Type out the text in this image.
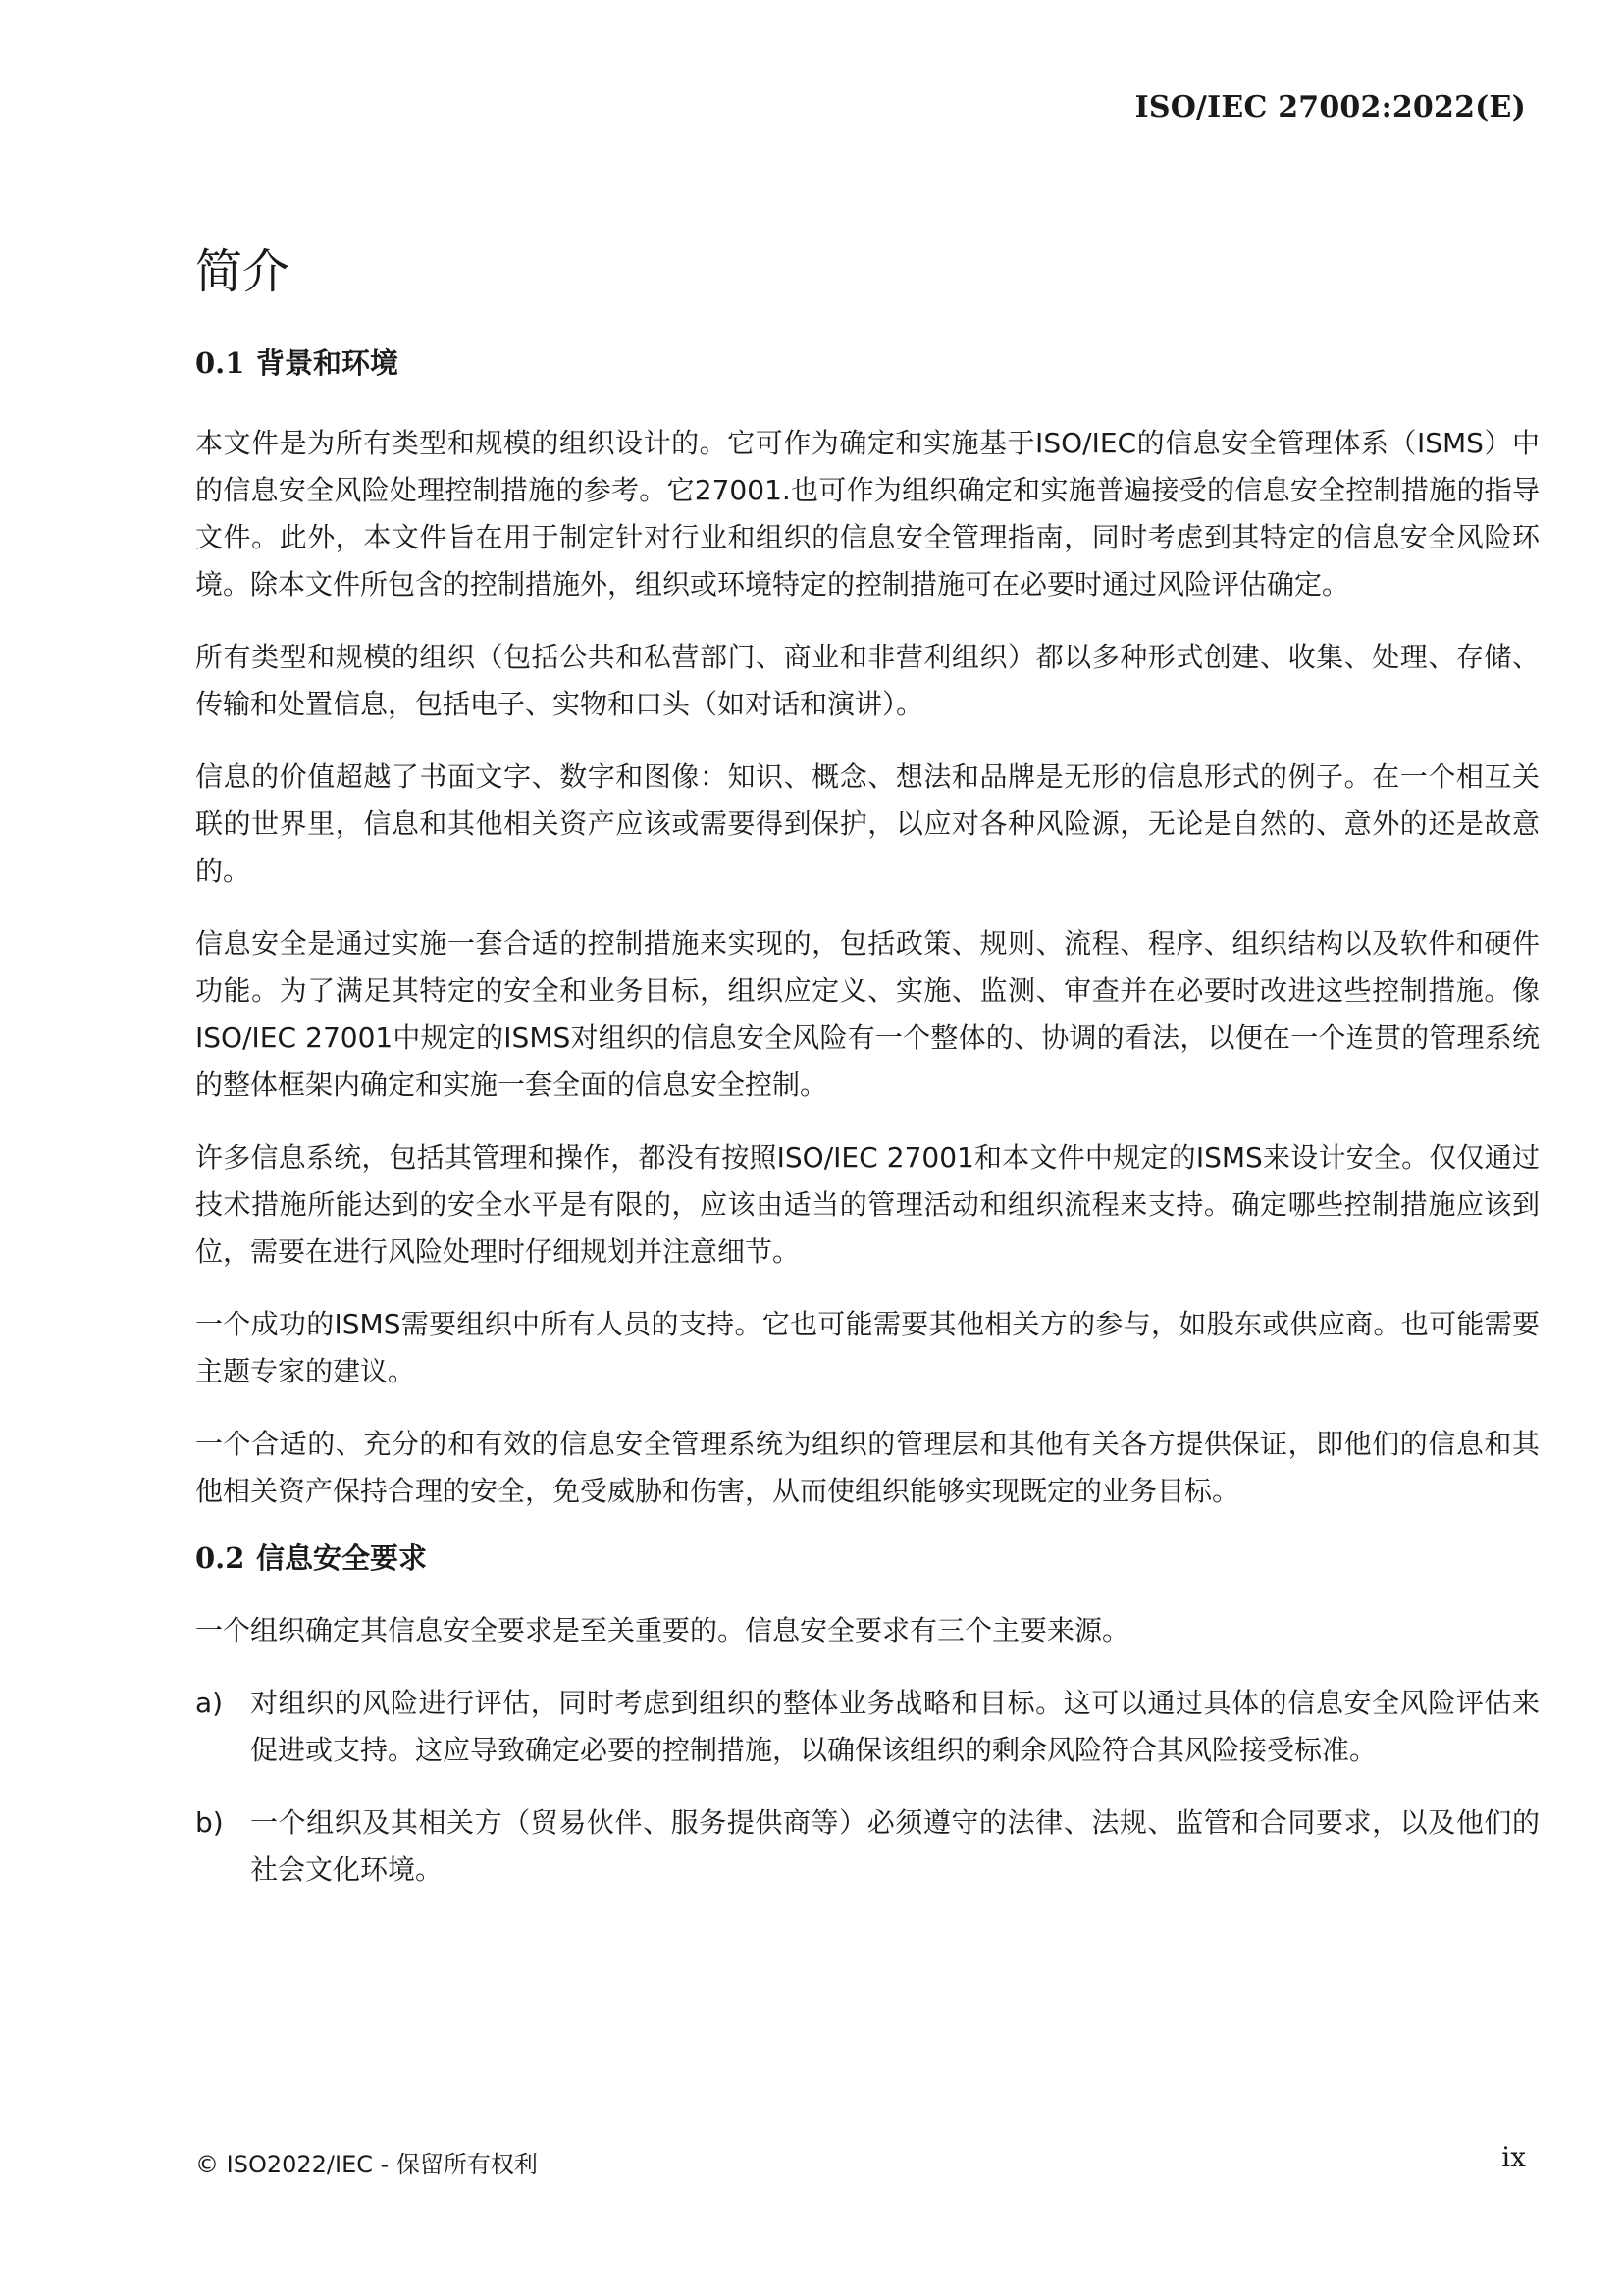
ISO/IEC 27002:2022(E)
简介
0.1 背景和环境

本文件是为所有类型和规模的组织设计的。它可作为确定和实施基于ISO/IEC的信息安全管理体系（ISMS）中的信息安全风险处理控制措施的参考。它27001.也可作为组织确定和实施普遍接受的信息安全控制措施的指导文件。此外，本文件旨在用于制定针对行业和组织的信息安全管理指南，同时考虑到其特定的信息安全风险环境。除本文件所包含的控制措施外，组织或环境特定的控制措施可在必要时通过风险评估确定。

所有类型和规模的组织（包括公共和私营部门、商业和非营利组织）都以多种形式创建、收集、处理、存储、传输和处置信息，包括电子、实物和口头（如对话和演讲）。

信息的价值超越了书面文字、数字和图像：知识、概念、想法和品牌是无形的信息形式的例子。在一个相互关联的世界里，信息和其他相关资产应该或需要得到保护，以应对各种风险源，无论是自然的、意外的还是故意的。

信息安全是通过实施一套合适的控制措施来实现的，包括政策、规则、流程、程序、组织结构以及软件和硬件功能。为了满足其特定的安全和业务目标，组织应定义、实施、监测、审查并在必要时改进这些控制措施。像ISO/IEC 27001中规定的ISMS对组织的信息安全风险有一个整体的、协调的看法，以便在一个连贯的管理系统的整体框架内确定和实施一套全面的信息安全控制。

许多信息系统，包括其管理和操作，都没有按照ISO/IEC 27001和本文件中规定的ISMS来设计安全。仅仅通过技术措施所能达到的安全水平是有限的，应该由适当的管理活动和组织流程来支持。确定哪些控制措施应该到位，需要在进行风险处理时仔细规划并注意细节。

一个成功的ISMS需要组织中所有人员的支持。它也可能需要其他相关方的参与，如股东或供应商。也可能需要主题专家的建议。

一个合适的、充分的和有效的信息安全管理系统为组织的管理层和其他有关各方提供保证，即他们的信息和其他相关资产保持合理的安全，免受威胁和伤害，从而使组织能够实现既定的业务目标。

0.2 信息安全要求

一个组织确定其信息安全要求是至关重要的。信息安全要求有三个主要来源。

a) 对组织的风险进行评估，同时考虑到组织的整体业务战略和目标。这可以通过具体的信息安全风险评估来促进或支持。这应导致确定必要的控制措施，以确保该组织的剩余风险符合其风险接受标准。
b) 一个组织及其相关方（贸易伙伴、服务提供商等）必须遵守的法律、法规、监管和合同要求，以及他们的社会文化环境。
© ISO2022/IEC - 保留所有权利	ix
